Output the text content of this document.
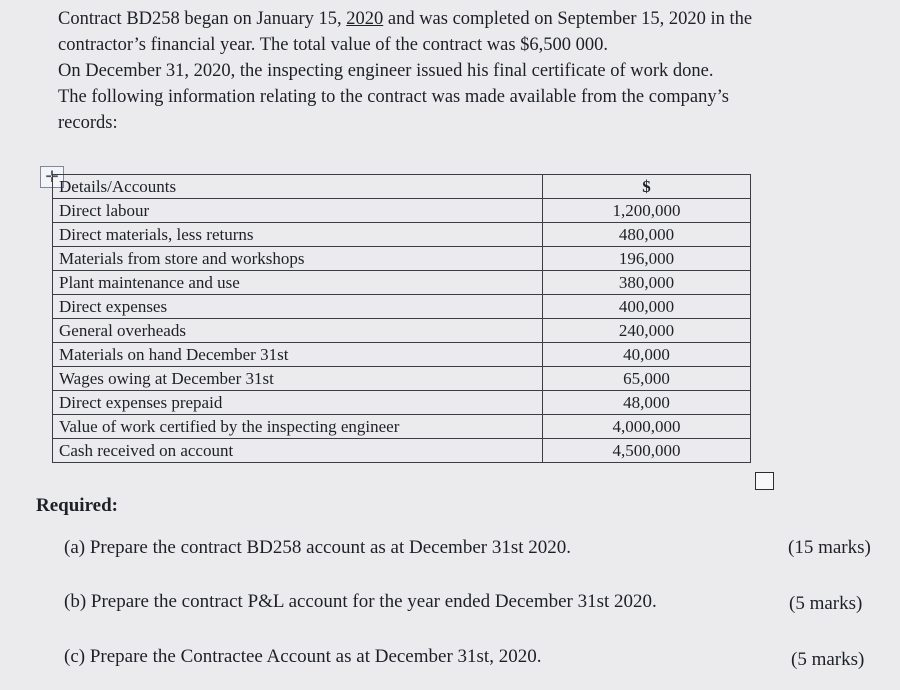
Contract BD258 began on January 15, 2020 and was completed on September 15, 2020 in the

contractor’s financial year. The total value of the contract was $6,500 000.

On December 31, 2020, the inspecting engineer issued his final certificate of work done.

The following information relating to the contract was made available from the company’s

records:

✛ Details/Accounts	$
Direct labour	1,200,000
Direct materials, less returns	480,000
Materials from store and workshops	196,000
Plant maintenance and use	380,000
Direct expenses	400,000
General overheads	240,000
Materials on hand December 31st	40,000
Wages owing at December 31st	65,000
Direct expenses prepaid	48,000
Value of work certified by the inspecting engineer	4,000,000
Cash received on account	4,500,000
Required:
(a) Prepare the contract BD258 account as at December 31st 2020.	(15 marks)
(b) Prepare the contract P&L account for the year ended December 31st 2020.	(5 marks)
(c) Prepare the Contractee Account as at December 31st, 2020.	(5 marks)
